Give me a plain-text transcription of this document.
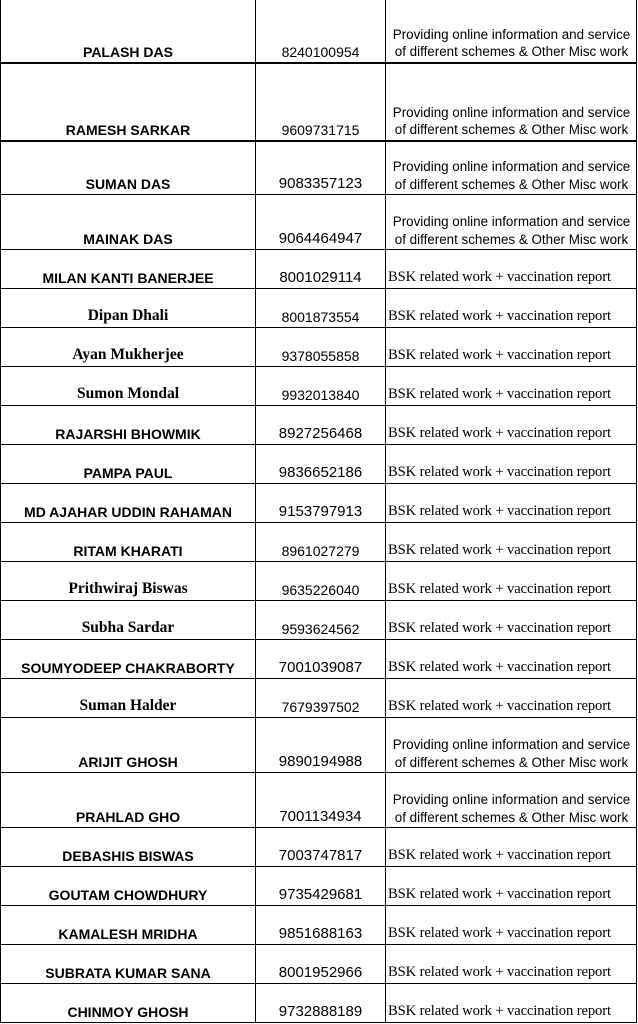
PALASH DAS	8240100954	Providing online information and service of different schemes & Other Misc work
RAMESH SARKAR	9609731715	Providing online information and service of different schemes & Other Misc work
SUMAN DAS	9083357123	Providing online information and service of different schemes & Other Misc work
MAINAK DAS	9064464947	Providing online information and service of different schemes & Other Misc work
MILAN KANTI BANERJEE	8001029114	BSK related work + vaccination report
Dipan Dhali	8001873554	BSK related work + vaccination report
Ayan Mukherjee	9378055858	BSK related work + vaccination report
Sumon Mondal	9932013840	BSK related work + vaccination report
RAJARSHI BHOWMIK	8927256468	BSK related work + vaccination report
PAMPA PAUL	9836652186	BSK related work + vaccination report
MD AJAHAR UDDIN RAHAMAN	9153797913	BSK related work + vaccination report
RITAM KHARATI	8961027279	BSK related work + vaccination report
Prithwiraj Biswas	9635226040	BSK related work + vaccination report
Subha Sardar	9593624562	BSK related work + vaccination report
SOUMYODEEP CHAKRABORTY	7001039087	BSK related work + vaccination report
Suman Halder	7679397502	BSK related work + vaccination report
ARIJIT GHOSH	9890194988	Providing online information and service of different schemes & Other Misc work
PRAHLAD GHO	7001134934	Providing online information and service of different schemes & Other Misc work
DEBASHIS BISWAS	7003747817	BSK related work + vaccination report
GOUTAM CHOWDHURY	9735429681	BSK related work + vaccination report
KAMALESH MRIDHA	9851688163	BSK related work + vaccination report
SUBRATA KUMAR SANA	8001952966	BSK related work + vaccination report
CHINMOY GHOSH	9732888189	BSK related work + vaccination report
